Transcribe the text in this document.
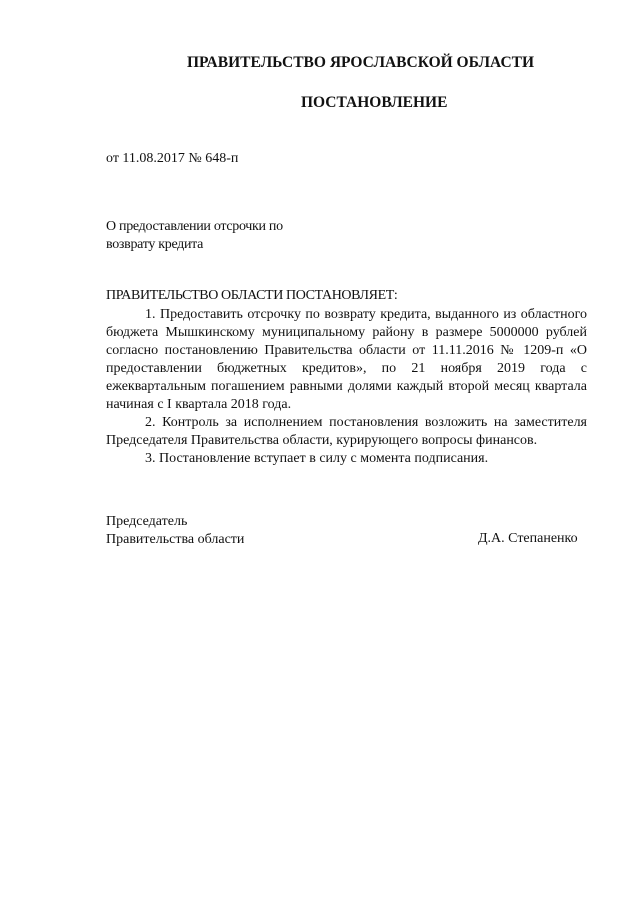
ПРАВИТЕЛЬСТВО ЯРОСЛАВСКОЙ ОБЛАСТИ
ПОСТАНОВЛЕНИЕ
от 11.08.2017 № 648-п
О предоставлении отсрочки по
возврату кредита
ПРАВИТЕЛЬСТВО ОБЛАСТИ ПОСТАНОВЛЯЕТ:

1. Предоставить отсрочку по возврату кредита, выданного из областного бюджета Мышкинскому муниципальному району в размере 5000000 рублей согласно постановлению Правительства области от 11.11.2016 № 1209-п «О предоставлении бюджетных кредитов», по 21 ноября 2019 года с ежеквартальным погашением равными долями каждый второй месяц квартала начиная с I квартала 2018 года.

2. Контроль за исполнением постановления возложить на заместителя Председателя Правительства области, курирующего вопросы финансов.

3. Постановление вступает в силу с момента подписания.

Председатель
Правительства области	Д.А. Степаненко
